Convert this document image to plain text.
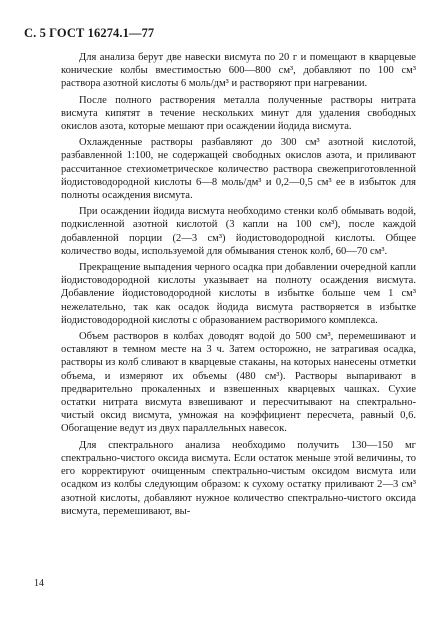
С. 5 ГОСТ 16274.1—77

Для анализа берут две навески висмута по 20 г и помещают в кварцевые конические колбы вместимостью 600—800 см³, добавляют по 100 см³ раствора азотной кислоты 6 моль/дм³ и растворяют при нагревании.

После полного растворения металла полученные растворы нитрата висмута кипятят в течение нескольких минут для удаления свободных окислов азота, которые мешают при осаждении йодида висмута.

Охлажденные растворы разбавляют до 300 см³ азотной кислотой, разбавленной 1:100, не содержащей свободных окислов азота, и приливают рассчитанное стехиометрическое количество раствора свежеприготовленной йодистоводородной кислоты 6—8 моль/дм³ и 0,2—0,5 см³ ее в избыток для полноты осаждения висмута.

При осаждении йодида висмута необходимо стенки колб обмывать водой, подкисленной азотной кислотой (3 капли на 100 см³), после каждой добавленной порции (2—3 см³) йодистоводородной кислоты. Общее количество воды, используемой для обмывания стенок колб, 60—70 см³.

Прекращение выпадения черного осадка при добавлении очередной капли йодистоводородной кислоты указывает на полноту осаждения висмута. Добавление йодистоводородной кислоты в избытке больше чем 1 см³ нежелательно, так как осадок йодида висмута растворяется в избытке йодистоводородной кислоты с образованием растворимого комплекса.

Объем растворов в колбах доводят водой до 500 см³, перемешивают и оставляют в темном месте на 3 ч. Затем осторожно, не затрагивая осадка, растворы из колб сливают в кварцевые стаканы, на которых нанесены отметки объема, и измеряют их объемы (480 см³). Растворы выпаривают в предварительно прокаленных и взвешенных кварцевых чашках. Сухие остатки нитрата висмута взвешивают и пересчитывают на спектрально-чистый оксид висмута, умножая на коэффициент пересчета, равный 0,6. Обогащение ведут из двух параллельных навесок.

Для спектрального анализа необходимо получить 130—150 мг спектрально-чистого оксида висмута. Если остаток меньше этой величины, то его корректируют очищенным спектрально-чистым оксидом висмута или осадком из колбы следующим образом: к сухому остатку приливают 2—3 см³ азотной кислоты, добавляют нужное количество спектрально-чистого оксида висмута, перемешивают, вы-

14
